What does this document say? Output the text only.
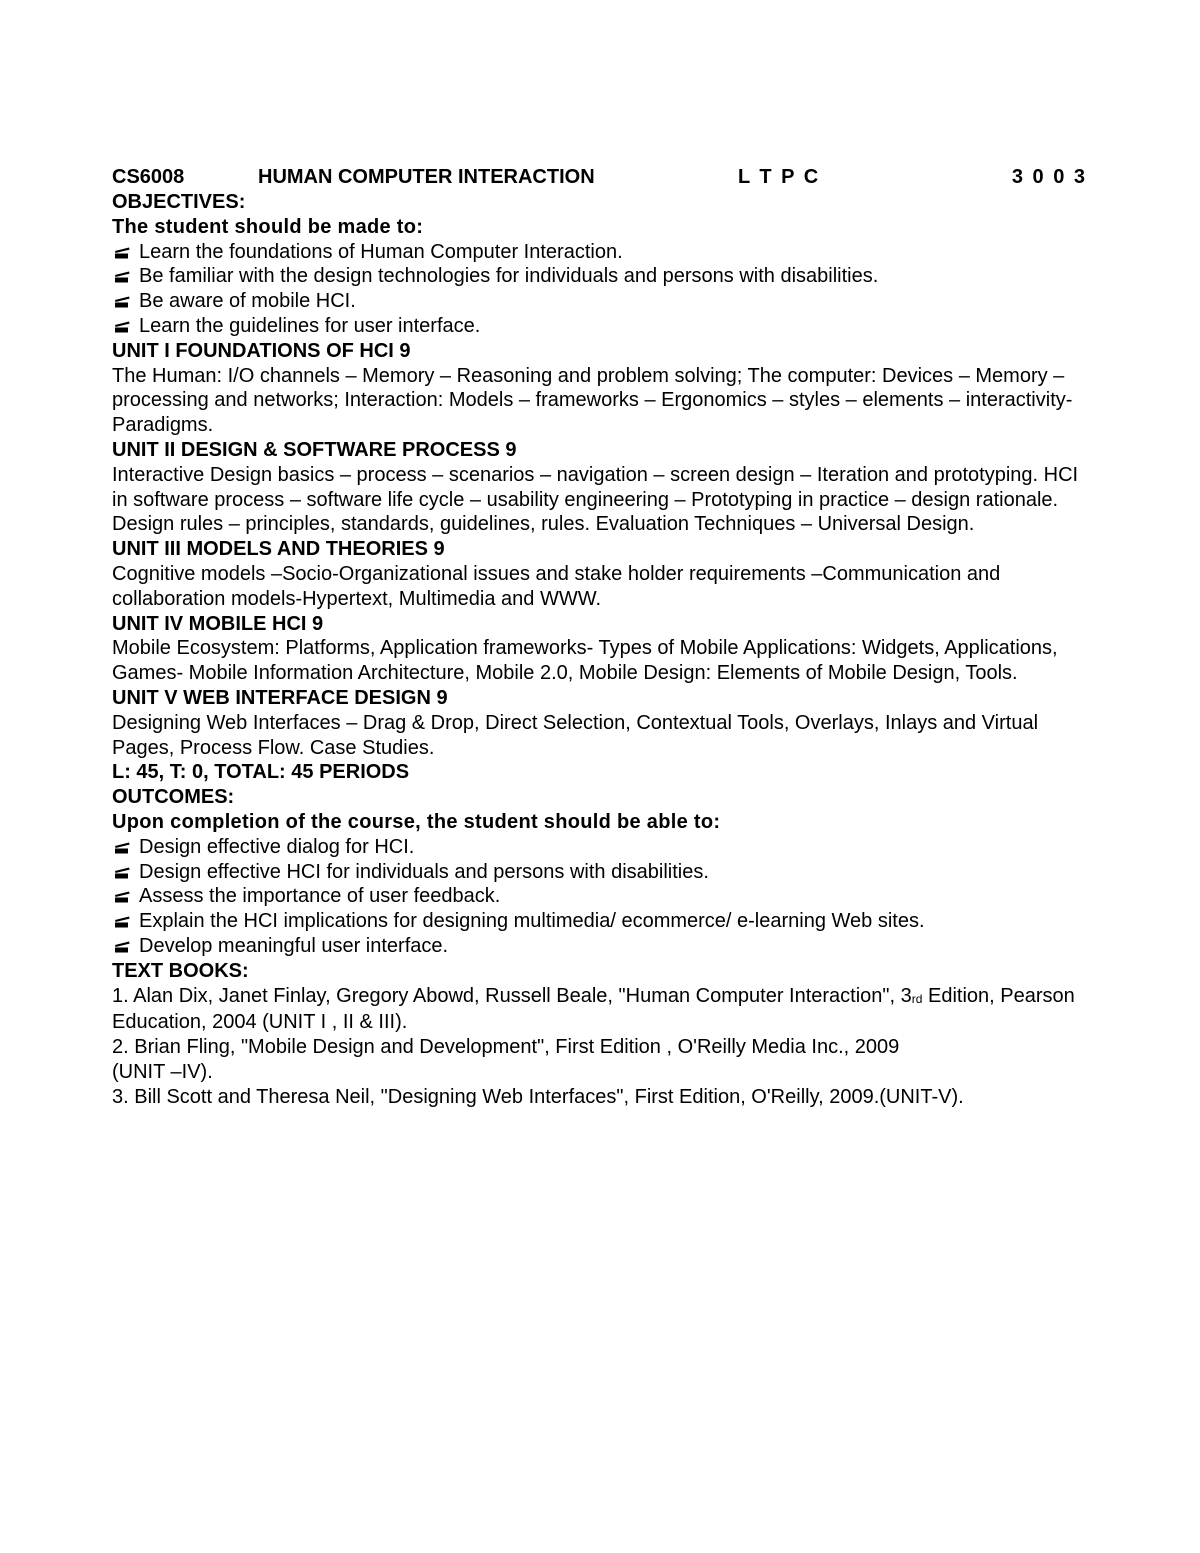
CS6008	HUMAN COMPUTER INTERACTION	L T P C	3 0 0 3
OBJECTIVES:
The student should be made to:
Learn the foundations of Human Computer Interaction.
Be familiar with the design technologies for individuals and persons with disabilities.
Be aware of mobile HCI.
Learn the guidelines for user interface.
UNIT I FOUNDATIONS OF HCI 9

The Human: I/O channels – Memory – Reasoning and problem solving; The computer: Devices – Memory – processing and networks; Interaction: Models – frameworks – Ergonomics – styles – elements – interactivity- Paradigms.

UNIT II DESIGN & SOFTWARE PROCESS 9

Interactive Design basics – process – scenarios – navigation – screen design – Iteration and prototyping. HCI in software process – software life cycle – usability engineering – Prototyping in practice – design rationale. Design rules – principles, standards, guidelines, rules. Evaluation Techniques – Universal Design.

UNIT III MODELS AND THEORIES 9

Cognitive models –Socio-Organizational issues and stake holder requirements –Communication and collaboration models-Hypertext, Multimedia and WWW.

UNIT IV MOBILE HCI 9

Mobile Ecosystem: Platforms, Application frameworks- Types of Mobile Applications: Widgets, Applications, Games- Mobile Information Architecture, Mobile 2.0, Mobile Design: Elements of Mobile Design, Tools.

UNIT V WEB INTERFACE DESIGN 9

Designing Web Interfaces – Drag & Drop, Direct Selection, Contextual Tools, Overlays, Inlays and Virtual Pages, Process Flow. Case Studies.

L: 45, T: 0, TOTAL: 45 PERIODS
OUTCOMES:
Upon completion of the course, the student should be able to:
Design effective dialog for HCI.
Design effective HCI for individuals and persons with disabilities.
Assess the importance of user feedback.
Explain the HCI implications for designing multimedia/ ecommerce/ e-learning Web sites.
Develop meaningful user interface.
TEXT BOOKS:

1. Alan Dix, Janet Finlay, Gregory Abowd, Russell Beale, "Human Computer Interaction", 3rd Edition, Pearson Education, 2004 (UNIT I , II & III).

2. Brian Fling, "Mobile Design and Development", First Edition , O'Reilly Media Inc., 2009
(UNIT –IV).
3. Bill Scott and Theresa Neil, "Designing Web Interfaces", First Edition, O'Reilly, 2009.(UNIT-V).
